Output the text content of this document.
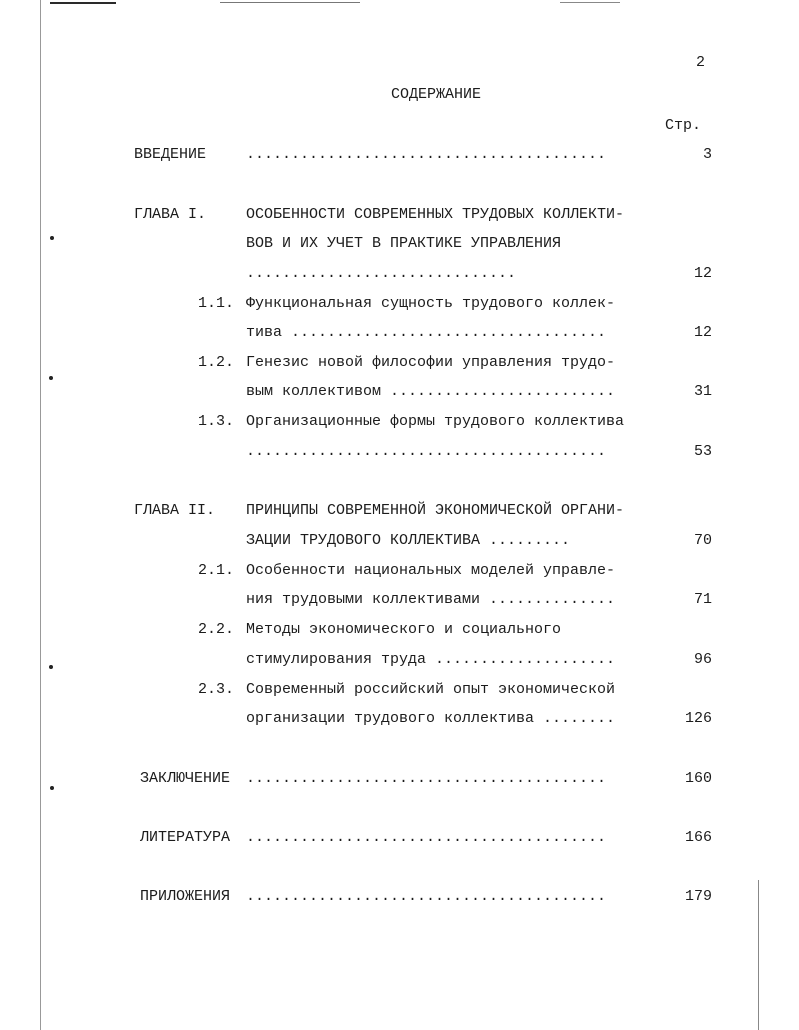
2
СОДЕРЖАНИЕ
Стр.
ВВЕДЕНИЕ	........................................	3
ГЛАВА I.	ОСОБЕННОСТИ СОВРЕМЕННЫХ ТРУДОВЫХ КОЛЛЕКТИ-
ВОВ И ИХ УЧЕТ В ПРАКТИКЕ УПРАВЛЕНИЯ
..............................	12
1.1. Функциональная сущность трудового коллек-
тива ...................................	12
1.2. Генезис новой философии управления трудо-
вым коллективом .........................	31
1.3. Организационные формы трудового коллектива
........................................	53
ГЛАВА II. ПРИНЦИПЫ СОВРЕМЕННОЙ ЭКОНОМИЧЕСКОЙ ОРГАНИ-
ЗАЦИИ ТРУДОВОГО КОЛЛЕКТИВА .........	70
2.1. Особенности национальных моделей управле-
ния трудовыми коллективами ..............	71
2.2. Методы экономического и социального
стимулирования труда ....................	96
2.3. Современный российский опыт экономической
организации трудового коллектива ........	126
ЗАКЛЮЧЕНИЕ ........................................	160
ЛИТЕРАТУРА ........................................	166
ПРИЛОЖЕНИЯ ........................................	179
